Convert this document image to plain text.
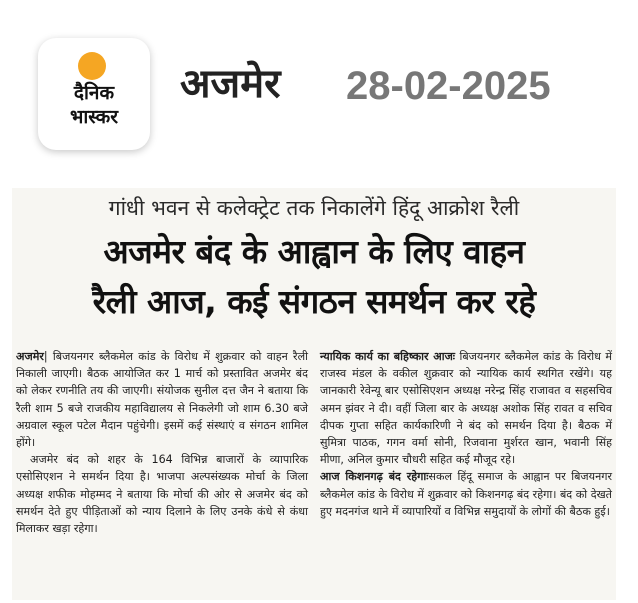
दैनिक
भास्कर
अजमेर 28-02-2025
गांधी भवन से कलेक्ट्रेट तक निकालेंगे हिंदू आक्रोश रैली
अजमेर बंद के आह्वान के लिए वाहन
रैली आज, कई संगठन समर्थन कर रहे

अजमेर| बिजयनगर ब्लैकमेल कांड के विरोध में शुक्रवार को वाहन रैली निकाली जाएगी। बैठक आयोजित कर 1 मार्च को प्रस्तावित अजमेर बंद को लेकर रणनीति तय की जाएगी। संयोजक सुनील दत्त जैन ने बताया कि रैली शाम 5 बजे राजकीय महाविद्यालय से निकलेगी जो शाम 6.30 बजे अग्रवाल स्कूल पटेल मैदान पहुंचेगी। इसमें कई संस्थाएं व संगठन शामिल होंगे।

अजमेर बंद को शहर के 164 विभिन्न बाजारों के व्यापारिक एसोसिएशन ने समर्थन दिया है। भाजपा अल्पसंख्यक मोर्चा के जिला अध्यक्ष शफीक मोहम्मद ने बताया कि मोर्चा की ओर से अजमेर बंद को समर्थन देते हुए पीड़िताओं को न्याय दिलाने के लिए उनके कंधे से कंधा मिलाकर खड़ा रहेगा।

न्यायिक कार्य का बहिष्कार आजः बिजयनगर ब्लैकमेल कांड के विरोध में राजस्व मंडल के वकील शुक्रवार को न्यायिक कार्य स्थगित रखेंगे। यह जानकारी रेवेन्यू बार एसोसिएशन अध्यक्ष नरेन्द्र सिंह राजावत व सहसचिव अमन झंवर ने दी। वहीं जिला बार के अध्यक्ष अशोक सिंह रावत व सचिव दीपक गुप्ता सहित कार्यकारिणी ने बंद को समर्थन दिया है। बैठक में सुमित्रा पाठक, गगन वर्मा सोनी, रिजवाना मुर्शरत खान, भवानी सिंह मीणा, अनिल कुमार चौधरी सहित कई मौजूद रहे।

आज किशनगढ़ बंद रहेगाःसकल हिंदू समाज के आह्वान पर बिजयनगर ब्लैकमेल कांड के विरोध में शुक्रवार को किशनगढ़ बंद रहेगा। बंद को देखते हुए मदनगंज थाने में व्यापारियों व विभिन्न समुदायों के लोगों की बैठक हुई।
